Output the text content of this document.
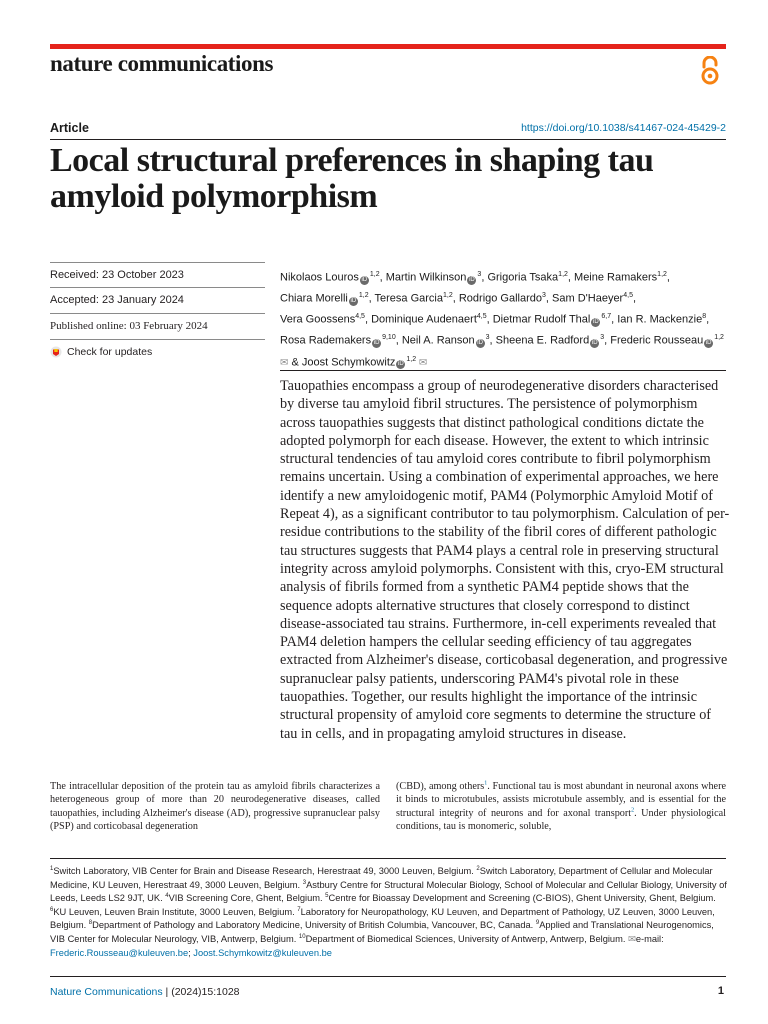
nature communications
Article	https://doi.org/10.1038/s41467-024-45429-2
Local structural preferences in shaping tau amyloid polymorphism
Received: 23 October 2023
Accepted: 23 January 2024
Published online: 03 February 2024
Check for updates
Nikolaos Louros iD$^{1,2}$, Martin Wilkinson $iD^3$, Grigoria Tsaka$^{1,2}$, Meine Ramakers$^{1,2}$, Chiara Morelli iD$^{1,2}$, Teresa Garcia$^{1,2}$, Rodrigo Gallardo$^3$, Sam D'Haeyer$^{4,5}$, Vera Goossens$^{4,5}$, Dominique Audenaert$^{4,5}$, Dietmar Rudolf Thal iD$^{6,7}$, Ian R. Mackenzie$^8$, Rosa Rademakers iD$^{9,10}$, Neil A. Ranson $iD^3$, Sheena E. Radford $iD^3$, Frederic Rousseau iD$^{1,2}$ ✉ & Joost Schymkowitz iD$^{1,2}$ ✉

Tauopathies encompass a group of neurodegenerative disorders characterised by diverse tau amyloid fibril structures. The persistence of polymorphism across tauopathies suggests that distinct pathological conditions dictate the adopted polymorph for each disease. However, the extent to which intrinsic structural tendencies of tau amyloid cores contribute to fibril polymorphism remains uncertain. Using a combination of experimental approaches, we here identify a new amyloidogenic motif, PAM4 (Polymorphic Amyloid Motif of Repeat 4), as a significant contributor to tau polymorphism. Calculation of per-residue contributions to the stability of the fibril cores of different pathologic tau structures suggests that PAM4 plays a central role in preserving structural integrity across amyloid polymorphs. Consistent with this, cryo-EM structural analysis of fibrils formed from a synthetic PAM4 peptide shows that the sequence adopts alternative structures that closely correspond to distinct disease-associated tau strains. Furthermore, in-cell experiments revealed that PAM4 deletion hampers the cellular seeding efficiency of tau aggregates extracted from Alzheimer's disease, corticobasal degeneration, and progressive supranuclear palsy patients, underscoring PAM4's pivotal role in these tauopathies. Together, our results highlight the importance of the intrinsic structural propensity of amyloid core segments to determine the structure of tau in cells, and in propagating amyloid structures in disease.

The intracellular deposition of the protein tau as amyloid fibrils characterizes a heterogeneous group of more than 20 neurodegenerative diseases, called tauopathies, including Alzheimer's disease (AD), progressive supranuclear palsy (PSP) and corticobasal degeneration

(CBD), among others$^1$. Functional tau is most abundant in neuronal axons where it binds to microtubules, assists microtubule assembly, and is essential for the structural integrity of neurons and for axonal transport$^2$. Under physiological conditions, tau is monomeric, soluble,

$^1$Switch Laboratory, VIB Center for Brain and Disease Research, Herestraat 49, 3000 Leuven, Belgium. $^2$Switch Laboratory, Department of Cellular and Molecular Medicine, KU Leuven, Herestraat 49, 3000 Leuven, Belgium. $^3$Astbury Centre for Structural Molecular Biology, School of Molecular and Cellular Biology, University of Leeds, Leeds LS2 9JT, UK. $^4$VIB Screening Core, Ghent, Belgium. $^5$Centre for Bioassay Development and Screening (C-BIOS), Ghent University, Ghent, Belgium. $^6$KU Leuven, Leuven Brain Institute, 3000 Leuven, Belgium. $^7$Laboratory for Neuropathology, KU Leuven, and Department of Pathology, UZ Leuven, 3000 Leuven, Belgium. $^8$Department of Pathology and Laboratory Medicine, University of British Columbia, Vancouver, BC, Canada. $^9$Applied and Translational Neurogenomics, VIB Center for Molecular Neurology, VIB, Antwerp, Belgium. $^{10}$Department of Biomedical Sciences, University of Antwerp, Antwerp, Belgium. ✉e-mail: Frederic.Rousseau@kuleuven.be; Joost.Schymkowitz@kuleuven.be

Nature Communications | (2024)15:1028	1
